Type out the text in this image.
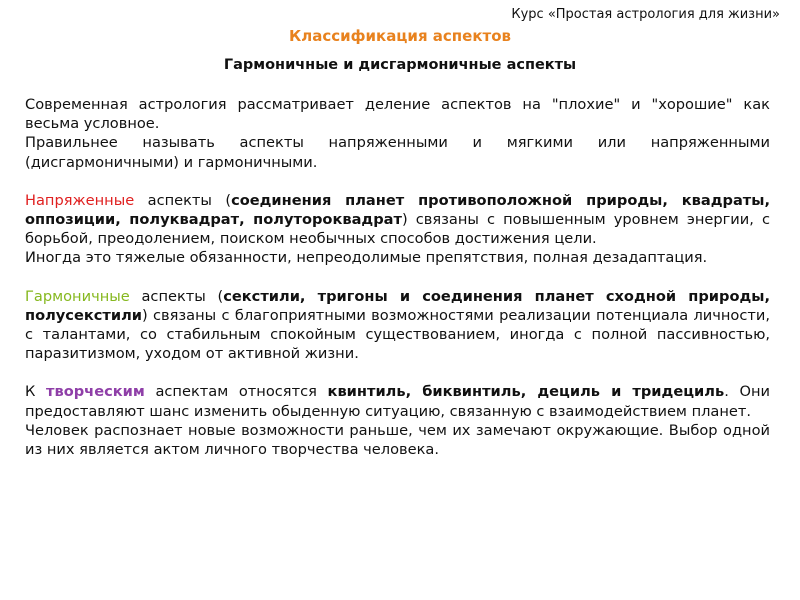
Курс «Простая астрология для жизни»
Классификация аспектов
Гармоничные и дисгармоничные аспекты

Современная астрология рассматривает деление аспектов на "плохие" и "хорошие" как весьма условное.

Правильнее называть аспекты напряженными и мягкими или напряженными (дисгармоничными) и гармоничными.

Напряженные аспекты (соединения планет противоположной природы, квадраты, оппозиции, полуквадрат, полутороквадрат) связаны с повышенным уровнем энергии, с борьбой, преодолением, поиском необычных способов достижения цели.

Иногда это тяжелые обязанности, непреодолимые препятствия, полная дезадаптация.

Гармоничные аспекты (секстили, тригоны и соединения планет сходной природы, полусекстили) связаны с благоприятными возможностями реализации потенциала личности, с талантами, со стабильным спокойным существованием, иногда с полной пассивностью, паразитизмом, уходом от активной жизни.

К творческим аспектам относятся квинтиль, биквинтиль, дециль и тридециль. Они предоставляют шанс изменить обыденную ситуацию, связанную с взаимодействием планет.

Человек распознает новые возможности раньше, чем их замечают окружающие. Выбор одной из них является актом личного творчества человека.
